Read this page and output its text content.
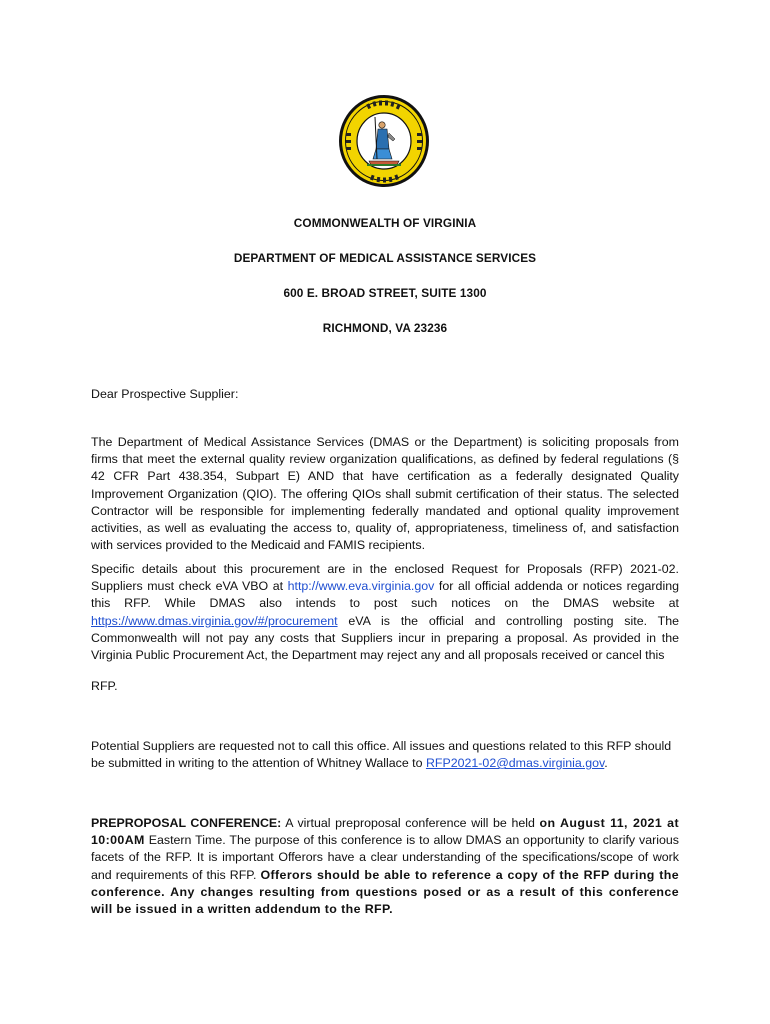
COMMONWEALTH OF VIRGINIA
DEPARTMENT OF MEDICAL ASSISTANCE SERVICES
600 E. BROAD STREET, SUITE 1300
RICHMOND, VA 23236
Dear Prospective Supplier:
The Department of Medical Assistance Services (DMAS or the Department) is soliciting proposals from firms that meet the external quality review organization qualifications, as defined by federal regulations (§ 42 CFR Part 438.354, Subpart E) AND that have certification as a federally designated Quality Improvement Organization (QIO). The offering QIOs shall submit certification of their status. The selected Contractor will be responsible for implementing federally mandated and optional quality improvement activities, as well as evaluating the access to, quality of, appropriateness, timeliness of, and satisfaction with services provided to the Medicaid and FAMIS recipients.
Specific details about this procurement are in the enclosed Request for Proposals (RFP) 2021-02. Suppliers must check eVA VBO at http://www.eva.virginia.gov for all official addenda or notices regarding this RFP. While DMAS also intends to post such notices on the DMAS website at https://www.dmas.virginia.gov/#/procurement eVA is the official and controlling posting site. The Commonwealth will not pay any costs that Suppliers incur in preparing a proposal. As provided in the Virginia Public Procurement Act, the Department may reject any and all proposals received or cancel this
RFP.
Potential Suppliers are requested not to call this office. All issues and questions related to this RFP should be submitted in writing to the attention of Whitney Wallace to RFP2021-02@dmas.virginia.gov.
PREPROPOSAL CONFERENCE: A virtual preproposal conference will be held on August 11, 2021 at 10:00AM Eastern Time. The purpose of this conference is to allow DMAS an opportunity to clarify various facets of the RFP. It is important Offerors have a clear understanding of the specifications/scope of work and requirements of this RFP. Offerors should be able to reference a copy of the RFP during the conference. Any changes resulting from questions posed or as a result of this conference will be issued in a written addendum to the RFP.
